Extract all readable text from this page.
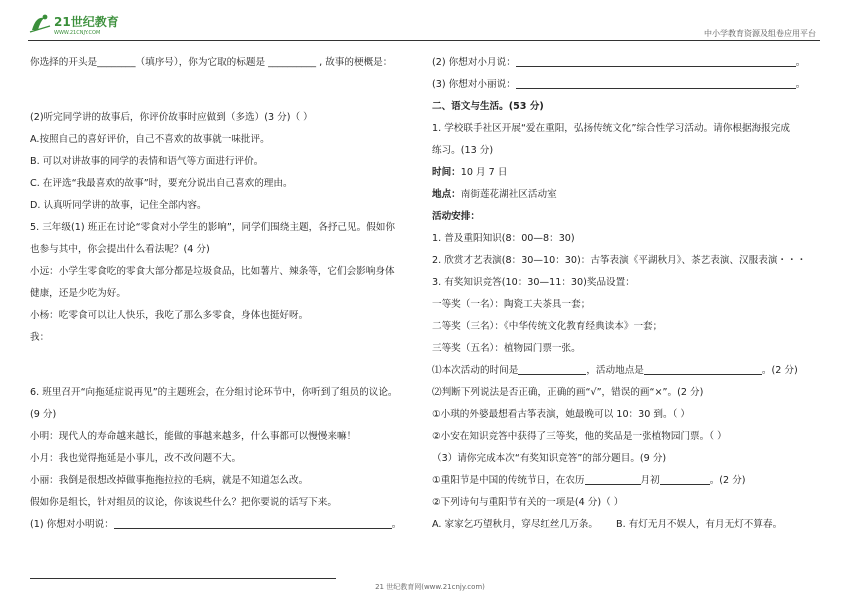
21世纪教育
WWW.21CNJY.COM	中小学教育资源及组卷应用平台
你选择的开头是________（填序号），你为它取的标题是 __________ , 故事的梗概是：
(2)听完同学讲的故事后，你评价故事时应做到（多选）(3 分)（ ）
A.按照自己的喜好评价，自己不喜欢的故事就一味批评。
B. 可以对讲故事的同学的表情和语气等方面进行评价。
C. 在评选“我最喜欢的故事”时，要充分说出自己喜欢的理由。
D. 认真听同学讲的故事，记住全部内容。
5. 三年级(1) 班正在讨论“零食对小学生的影响”，同学们围绕主题，各抒己见。假如你
也参与其中，你会提出什么看法呢？(4 分)
小远：小学生零食吃的零食大部分都是垃圾食品，比如薯片、辣条等，它们会影响身体
健康，还是少吃为好。
小杨：吃零食可以让人快乐，我吃了那么多零食，身体也挺好呀。
我：
6. 班里召开“向拖延症说再见”的主题班会，在分组讨论环节中，你听到了组员的议论。
(9 分)
小明：现代人的寿命越来越长，能做的事越来越多，什么事都可以慢慢来嘛！
小月：我也觉得拖延是小事儿，改不改问题不大。
小丽：我倒是很想改掉做事拖拖拉拉的毛病，就是不知道怎么改。
假如你是组长，针对组员的议论，你该说些什么？把你要说的话写下来。
(1) 你想对小明说：	。
(2) 你想对小月说：	。
(3) 你想对小丽说：	。
二、语文与生活。(53 分)
1. 学校联手社区开展“爱在重阳，弘扬传统文化”综合性学习活动。请你根据海报完成
练习。(13 分)
时间：10 月 7 日
地点：南街莲花湖社区活动室
活动安排：
1. 普及重阳知识(8：00—8：30)
2. 欣赏才艺表演(8：30—10：30)：古筝表演《平湖秋月》、茶艺表演、汉服表演・・・
3. 有奖知识竞答(10：30—11：30)奖品设置：
一等奖（一名）：陶瓷工夫茶具一套；
二等奖（三名）：《中华传统文化教育经典读本》一套；
三等奖（五名）：植物园门票一张。
⑴本次活动的时间是	，活动地点是	。(2 分)
⑵判断下列说法是否正确，正确的画“√”，错误的画“×”。(2 分)
①小琪的外婆最想看古筝表演，她最晚可以 10：30 到。（ ）
②小安在知识竞答中获得了三等奖，他的奖品是一张植物园门票。（ ）
（3）请你完成本次“有奖知识竞答”的部分题目。(9 分)
①重阳节是中国的传统节日，在农历	月初	。(2 分)
②下列诗句与重阳节有关的一项是(4 分)（ ）
A. 家家乞巧望秋月，穿尽红丝几万条。 B. 有灯无月不娱人，有月无灯不算春。
21 世纪教育网(www.21cnjy.com)
